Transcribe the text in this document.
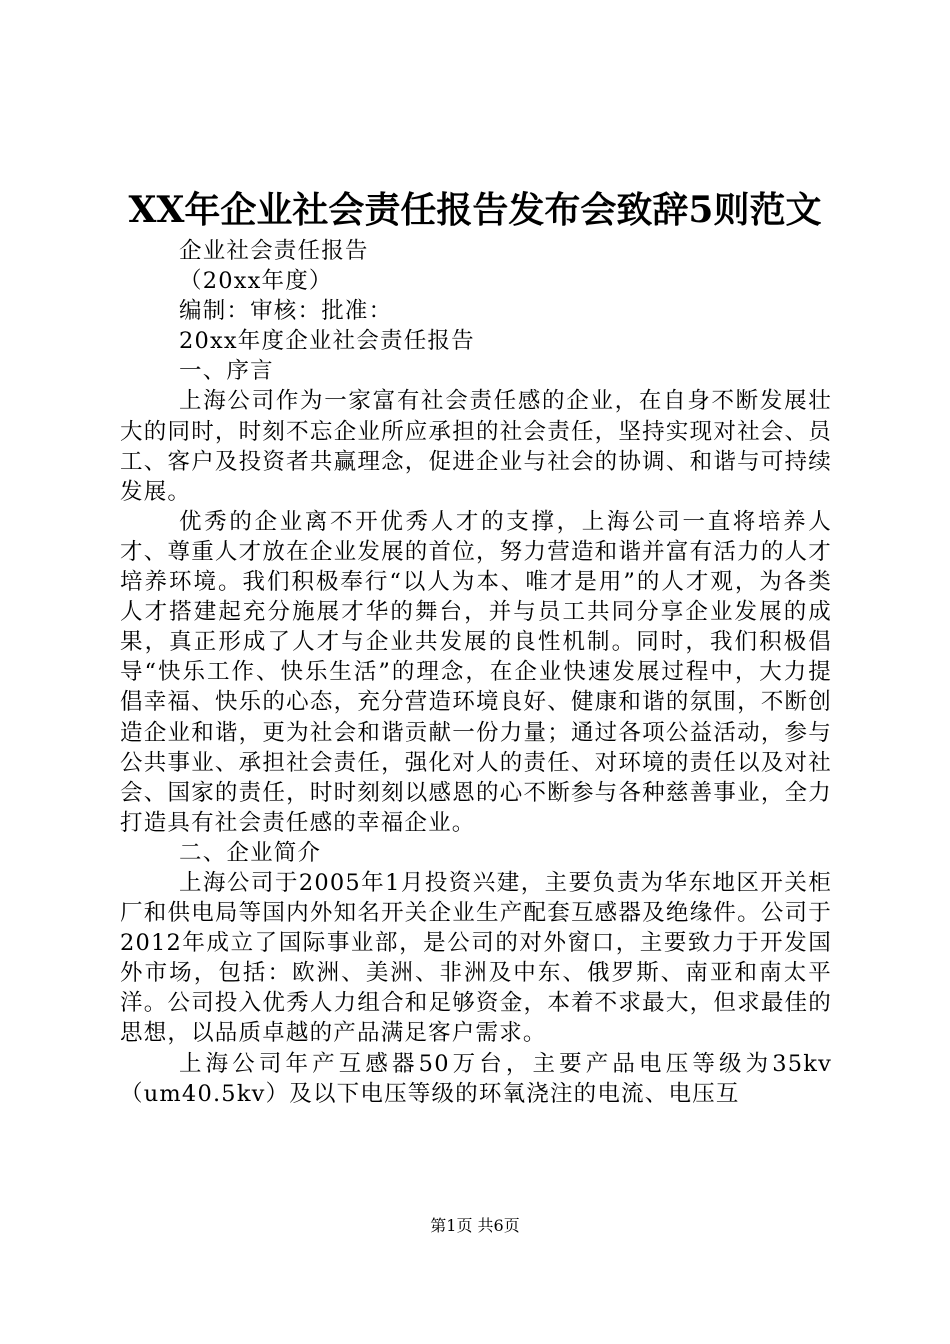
XX年企业社会责任报告发布会致辞5则范文

企业社会责任报告

（20xx年度）

编制：审核：批准：

20xx年度企业社会责任报告

一、序言

上海公司作为一家富有社会责任感的企业，在自身不断发展壮大的同时，时刻不忘企业所应承担的社会责任，坚持实现对社会、员工、客户及投资者共赢理念，促进企业与社会的协调、和谐与可持续发展。

优秀的企业离不开优秀人才的支撑，上海公司一直将培养人才、尊重人才放在企业发展的首位，努力营造和谐并富有活力的人才培养环境。我们积极奉行“以人为本、唯才是用”的人才观，为各类人才搭建起充分施展才华的舞台，并与员工共同分享企业发展的成果，真正形成了人才与企业共发展的良性机制。同时，我们积极倡导“快乐工作、快乐生活”的理念，在企业快速发展过程中，大力提倡幸福、快乐的心态，充分营造环境良好、健康和谐的氛围，不断创造企业和谐，更为社会和谐贡献一份力量；通过各项公益活动，参与公共事业、承担社会责任，强化对人的责任、对环境的责任以及对社会、国家的责任，时时刻刻以感恩的心不断参与各种慈善事业，全力打造具有社会责任感的幸福企业。

二、企业简介

上海公司于2005年1月投资兴建，主要负责为华东地区开关柜厂和供电局等国内外知名开关企业生产配套互感器及绝缘件。公司于2012年成立了国际事业部，是公司的对外窗口，主要致力于开发国外市场，包括：欧洲、美洲、非洲及中东、俄罗斯、南亚和南太平洋。公司投入优秀人力组合和足够资金，本着不求最大，但求最佳的思想，以品质卓越的产品满足客户需求。

上海公司年产互感器50万台，主要产品电压等级为35kv（um40.5kv）及以下电压等级的环氧浇注的电流、电压互

第1页 共6页
